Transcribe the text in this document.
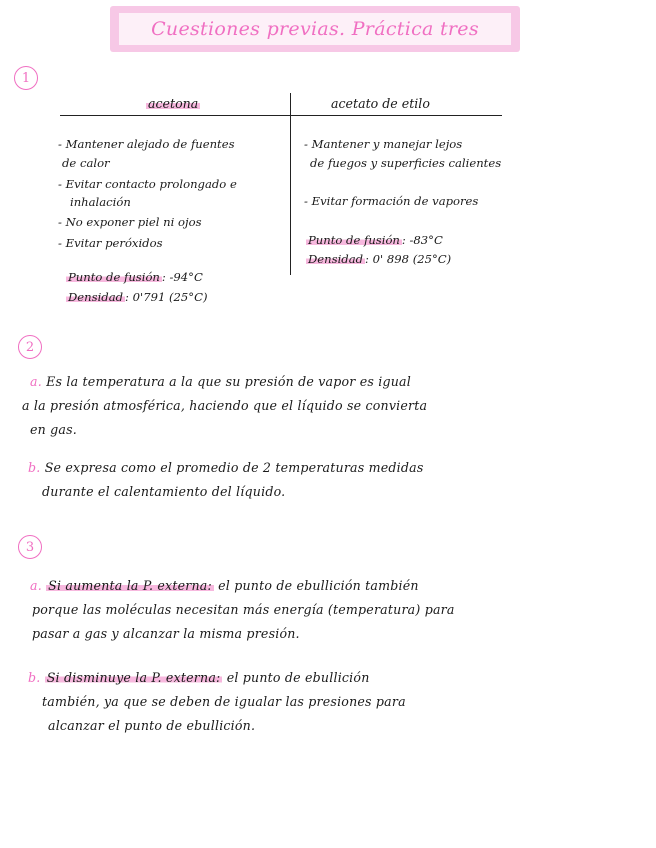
Cuestiones previas. Práctica tres
1
acetona	acetato de etilo
- Mantener alejado de fuentes
de calor
- Evitar contacto prolongado e
inhalación
- No exponer piel ni ojos
- Evitar peróxidos
Punto de fusión : -94°C
Densidad : 0'791 (25°C)
- Mantener y manejar lejos
de fuegos y superficies calientes
- Evitar formación de vapores
Punto de fusión : -83°C
Densidad : 0' 898 (25°C)
2
a. Es la temperatura a la que su presión de vapor es igual
a la presión atmosférica, haciendo que el líquido se convierta
en gas.
b. Se expresa como el promedio de 2 temperaturas medidas
durante el calentamiento del líquido.
3
a. Si aumenta la P. externa: el punto de ebullición también
porque las moléculas necesitan más energía (temperatura) para
pasar a gas y alcanzar la misma presión.
b. Si disminuye la P. externa: el punto de ebullición
también, ya que se deben de igualar las presiones para
alcanzar el punto de ebullición.
